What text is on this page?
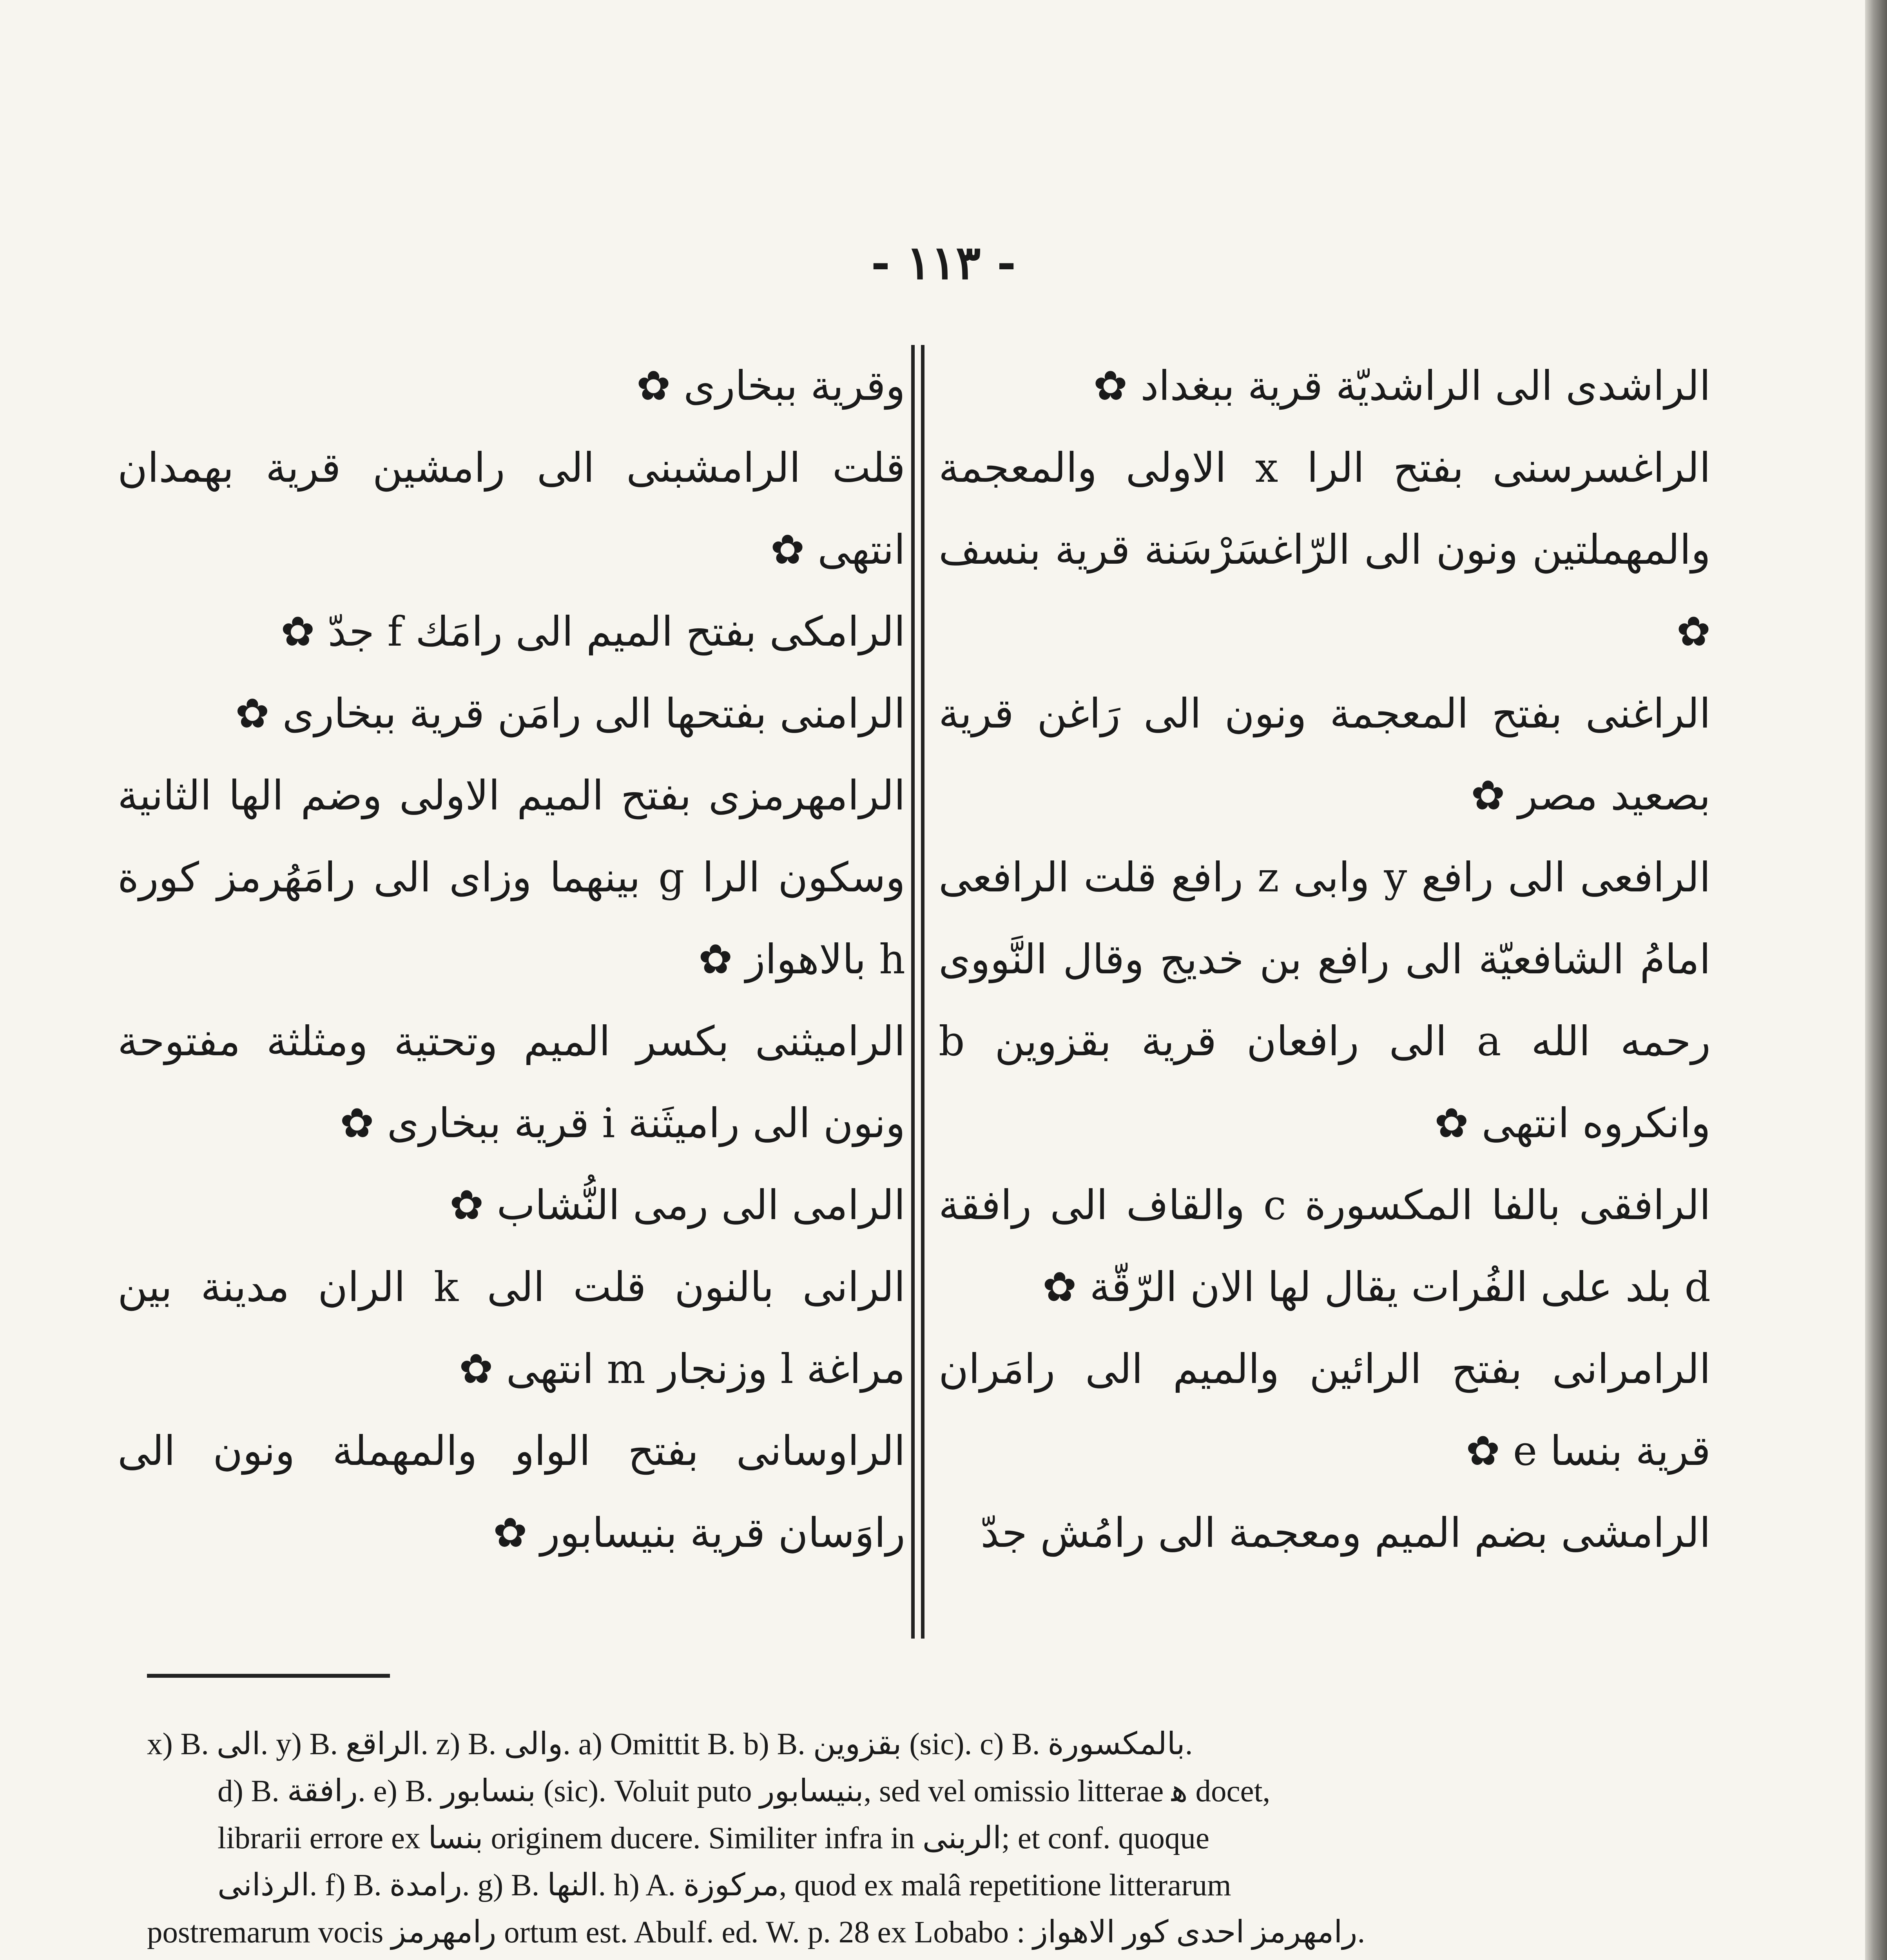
- ١١٣ -

الراشدى الى الراشديّة قرية ببغداد ✿

الراغسرسنى بفتح الرا x الاولى والمعجمة والمهملتين ونون الى الرّاغسَرْسَنة قرية بنسف ✿

الراغنى بفتح المعجمة ونون الى رَاغن قرية بصعيد مصر ✿

الرافعى الى رافع y وابى z رافع قلت الرافعى امامُ الشافعيّة الى رافع بن خديج وقال النَّووى رحمه الله a الى رافعان قرية بقزوين b وانكروه انتهى ✿

الرافقى بالفا المكسورة c والقاف الى رافقة d بلد على الفُرات يقال لها الان الرّقّة ✿

الرامرانى بفتح الرائين والميم الى رامَران قرية بنسا e ✿

الرامشى بضم الميم ومعجمة الى رامُش جدّ

وقرية ببخارى ✿

قلت الرامشبنى الى رامشين قرية بهمدان انتهى ✿

الرامكى بفتح الميم الى رامَك f جدّ ✿

الرامنى بفتحها الى رامَن قرية ببخارى ✿

الرامهرمزى بفتح الميم الاولى وضم الها الثانية وسكون الرا g بينهما وزاى الى رامَهُرمز كورة h بالاهواز ✿

الراميثنى بكسر الميم وتحتية ومثلثة مفتوحة ونون الى راميثَنة i قرية ببخارى ✿

الرامى الى رمى النُّشاب ✿

الرانى بالنون قلت الى k الران مدينة بين مراغة l وزنجار m انتهى ✿

الراوسانى بفتح الواو والمهملة ونون الى راوَسان قرية بنيسابور ✿

x) B. الى. y) B. الراقع. z) B. والى. a) Omittit B. b) B. بقزوين (sic). c) B. بالمكسورة.

d) B. رافقة. e) B. بنسابور (sic). Voluit puto بنيسابور, sed vel omissio litterae ﻫ docet,

librarii errore ex بنسا originem ducere. Similiter infra in الربنى; et conf. quoque

الرذانى. f) B. رامدة. g) B. النها. h) A. مركوزة, quod ex malâ repetitione litterarum

postremarum vocis رامهرمز ortum est. Abulf. ed. W. p. 28 ex Lobabo : رامهرمز احدى كور الاهواز.
